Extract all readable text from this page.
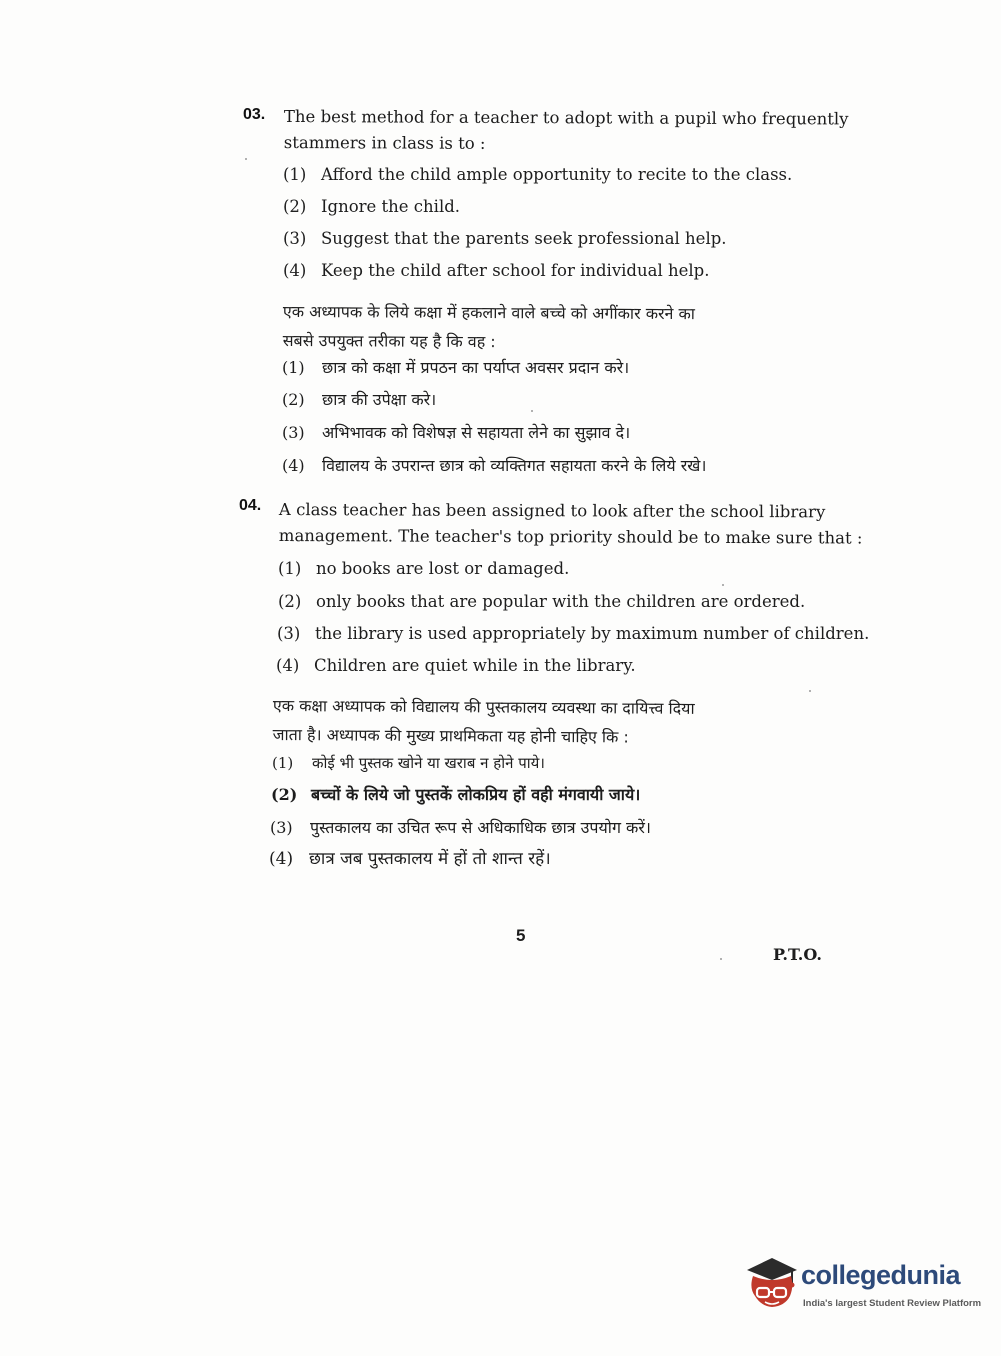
03. The best method for a teacher to adopt with a pupil who frequently
stammers in class is to :
(1) Afford the child ample opportunity to recite to the class.
(2) Ignore the child.
(3) Suggest that the parents seek professional help.
(4) Keep the child after school for individual help.
एक अध्यापक के लिये कक्षा में हकलाने वाले बच्चे को अगींकार करने का
सबसे उपयुक्त तरीका यह है कि वह :
(1) छात्र को कक्षा में प्रपठन का पर्याप्त अवसर प्रदान करे।
(2) छात्र की उपेक्षा करे।
(3) अभिभावक को विशेषज्ञ से सहायता लेने का सुझाव दे।
(4) विद्यालय के उपरान्त छात्र को व्यक्तिगत सहायता करने के लिये रखे।
04. A class teacher has been assigned to look after the school library
management. The teacher's top priority should be to make sure that :
(1) no books are lost or damaged.
(2) only books that are popular with the children are ordered.
(3) the library is used appropriately by maximum number of children.
(4) Children are quiet while in the library.
एक कक्षा अध्यापक को विद्यालय की पुस्तकालय व्यवस्था का दायित्त्व दिया
जाता है। अध्यापक की मुख्य प्राथमिकता यह होनी चाहिए कि :
(1) कोई भी पुस्तक खोने या खराब न होने पाये।
(2) बच्चों के लिये जो पुस्तकें लोकप्रिय हों वही मंगवायी जाये।
(3) पुस्तकालय का उचित रूप से अधिकाधिक छात्र उपयोग करें।
(4) छात्र जब पुस्तकालय में हों तो शान्त रहें।
5
P.T.O.
collegedunia
India's largest Student Review Platform
